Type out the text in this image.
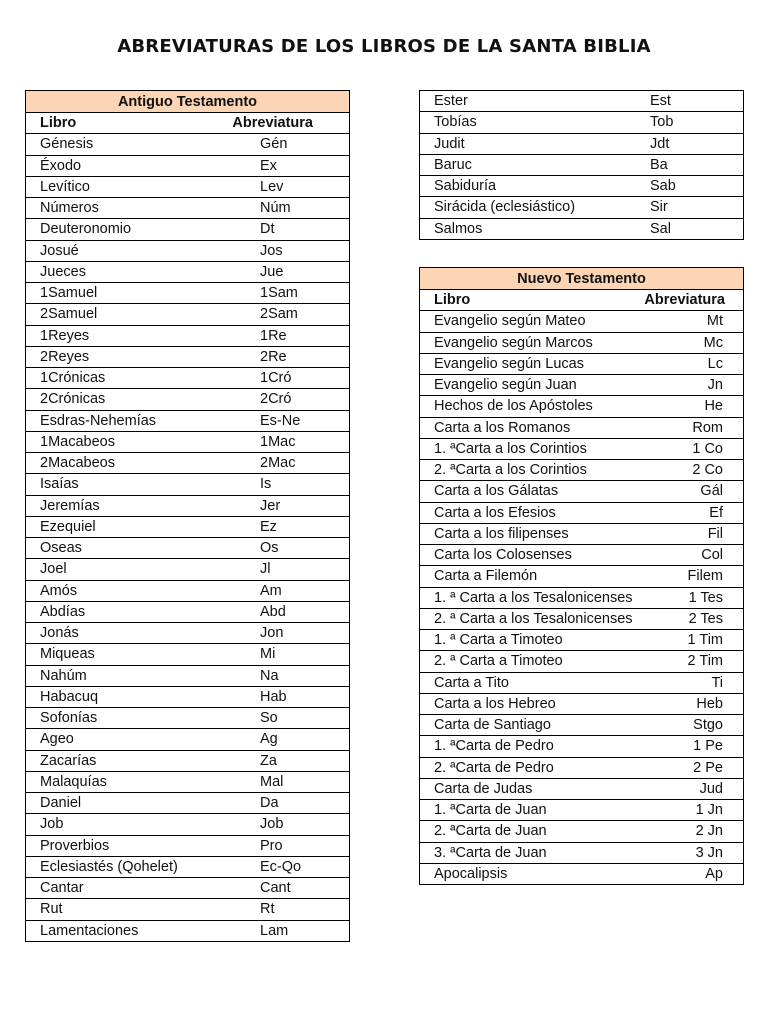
ABREVIATURAS DE LOS LIBROS DE LA SANTA BIBLIA
Antiguo Testamento

Libro	Abreviatura

Génesis	Gén

Éxodo	Ex

Levítico	Lev

Números	Núm

Deuteronomio	Dt

Josué	Jos

Jueces	Jue

1Samuel	1Sam

2Samuel	2Sam

1Reyes	1Re

2Reyes	2Re

1Crónicas	1Cró

2Crónicas	2Cró

Esdras-Nehemías	Es-Ne

1Macabeos	1Mac

2Macabeos	2Mac

Isaías	Is

Jeremías	Jer

Ezequiel	Ez

Oseas	Os

Joel	Jl

Amós	Am

Abdías	Abd

Jonás	Jon

Miqueas	Mi

Nahúm	Na

Habacuq	Hab

Sofonías	So

Ageo	Ag

Zacarías	Za

Malaquías	Mal

Daniel	Da

Job	Job

Proverbios	Pro

Eclesiastés (Qohelet)	Ec-Qo

Cantar	Cant

Rut	Rt

Lamentaciones	Lam
Ester	Est

Tobías	Tob

Judit	Jdt

Baruc	Ba

Sabiduría	Sab

Sirácida (eclesiástico)	Sir

Salmos	Sal
Nuevo Testamento

Libro	Abreviatura

Evangelio según Mateo	Mt

Evangelio según Marcos	Mc

Evangelio según Lucas	Lc

Evangelio según Juan	Jn

Hechos de los Apóstoles	He

Carta a los Romanos	Rom

1. ªCarta a los Corintios	1 Co

2. ªCarta a los Corintios	2 Co

Carta a los Gálatas	Gál

Carta a los Efesios	Ef

Carta a los filipenses	Fil

Carta los Colosenses	Col

Carta a Filemón	Filem

1. ª Carta a los Tesalonicenses	1 Tes

2. ª Carta a los Tesalonicenses	2 Tes

1. ª Carta a Timoteo	1 Tim

2. ª Carta a Timoteo	2 Tim

Carta a Tito	Ti

Carta a los Hebreo	Heb

Carta de Santiago	Stgo

1. ªCarta de Pedro	1 Pe

2. ªCarta de Pedro	2 Pe

Carta de Judas	Jud

1. ªCarta de Juan	1 Jn

2. ªCarta de Juan	2 Jn

3. ªCarta de Juan	3 Jn

Apocalipsis	Ap
